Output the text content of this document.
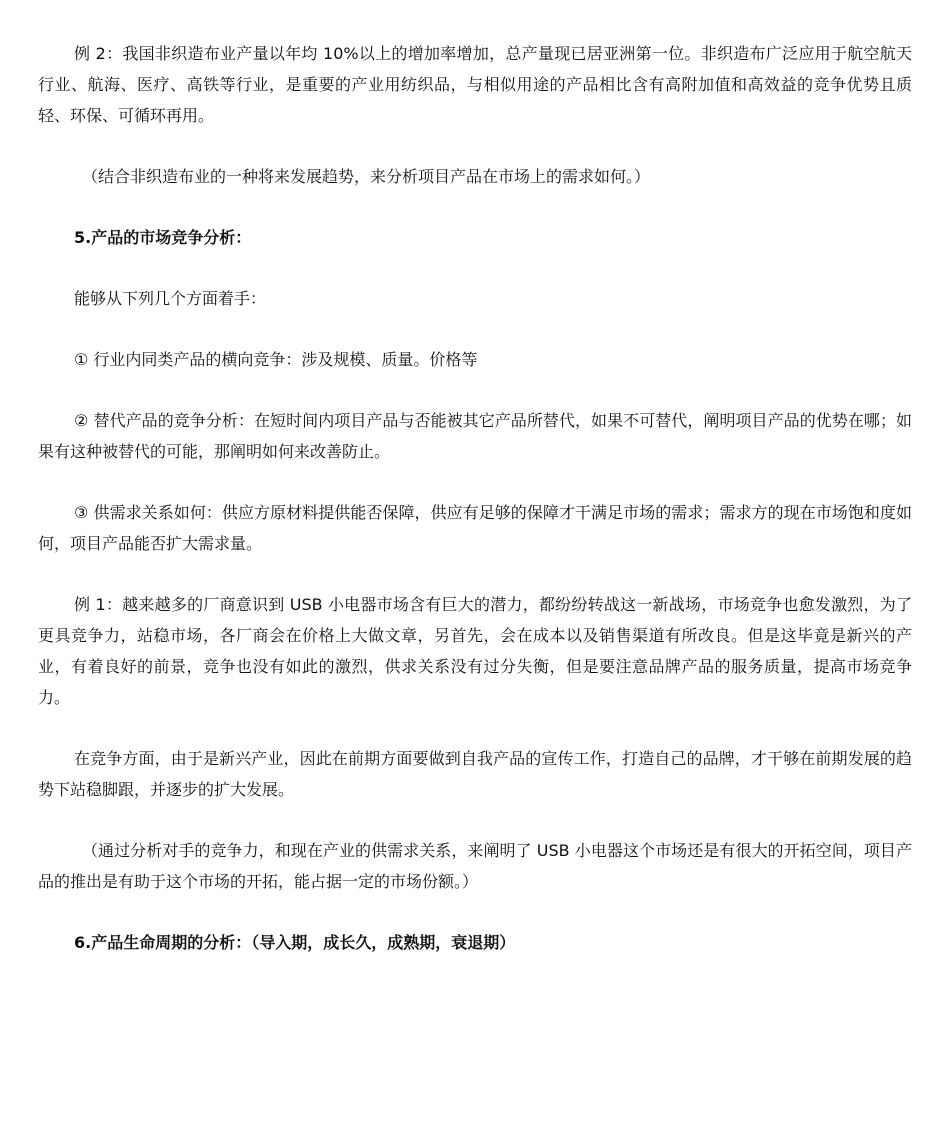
例 2：我国非织造布业产量以年均 10%以上的增加率增加，总产量现已居亚洲第一位。非织造布广泛应用于航空航天行业、航海、医疗、高铁等行业，是重要的产业用纺织品，与相似用途的产品相比含有高附加值和高效益的竞争优势且质轻、环保、可循环再用。

（结合非织造布业的一种将来发展趋势，来分析项目产品在市场上的需求如何。）

5.产品的市场竞争分析：

能够从下列几个方面着手：

① 行业内同类产品的横向竞争：涉及规模、质量。价格等

② 替代产品的竞争分析：在短时间内项目产品与否能被其它产品所替代，如果不可替代，阐明项目产品的优势在哪；如果有这种被替代的可能，那阐明如何来改善防止。

③ 供需求关系如何：供应方原材料提供能否保障，供应有足够的保障才干满足市场的需求；需求方的现在市场饱和度如何，项目产品能否扩大需求量。

例 1：越来越多的厂商意识到 USB 小电器市场含有巨大的潜力，都纷纷转战这一新战场，市场竞争也愈发激烈，为了更具竞争力，站稳市场，各厂商会在价格上大做文章，另首先，会在成本以及销售渠道有所改良。但是这毕竟是新兴的产业，有着良好的前景，竞争也没有如此的激烈，供求关系没有过分失衡，但是要注意品牌产品的服务质量，提高市场竞争力。

在竞争方面，由于是新兴产业，因此在前期方面要做到自我产品的宣传工作，打造自己的品牌，才干够在前期发展的趋势下站稳脚跟，并逐步的扩大发展。

（通过分析对手的竞争力，和现在产业的供需求关系，来阐明了 USB 小电器这个市场还是有很大的开拓空间，项目产品的推出是有助于这个市场的开拓，能占据一定的市场份额。）

6.产品生命周期的分析：（导入期，成长久，成熟期，衰退期）
